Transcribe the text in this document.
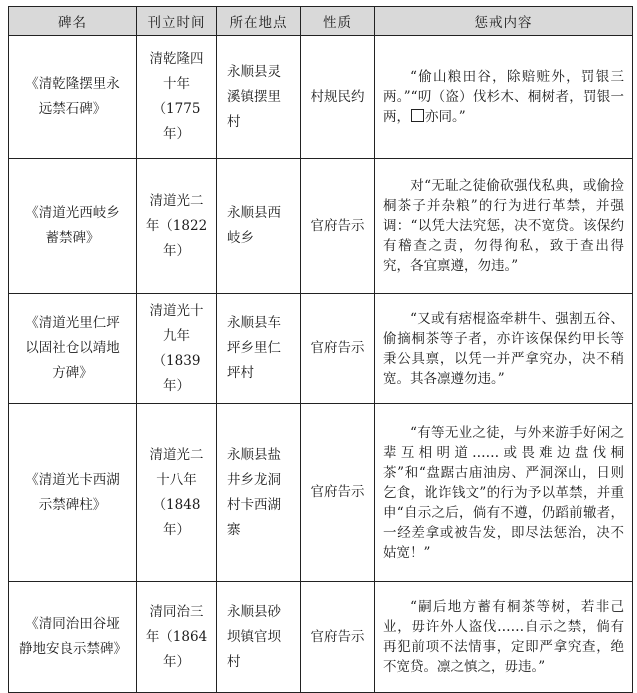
碑名	刊立时间	所在地点	性质	惩戒内容
《清乾隆摆里永远禁石碑》	清乾隆四十年（1775年）	永顺县灵溪镇摆里村	村规民约	“偷山粮田谷，除赔赃外，罚银三两。”“叨（盗）伐杉木、桐树者，罚银一两， 亦同。”
《清道光西岐乡蓄禁碑》	清道光二年（1822年）	永顺县西岐乡	官府告示	对“无耻之徒偷砍强伐私典，或偷捡桐茶子并杂粮”的行为进行革禁，并强调：“以凭大法究惩，决不宽贷。该保约有稽查之责，勿得徇私，致于查出得究，各宜禀遵，勿违。”
《清道光里仁坪以固社仓以靖地方碑》	清道光十九年（1839年）	永顺县车坪乡里仁坪村	官府告示	“又或有痞棍盗牵耕牛、强割五谷、偷摘桐茶等子者，亦许该保保约甲长等秉公具禀，以凭一并严拿究办，决不稍宽。其各凛遵勿违。”
《清道光卡西湖示禁碑柱》	清道光二十八年（1848年）	永顺县盐井乡龙洞村卡西湖寨	官府告示	“有等无业之徒，与外来游手好闲之辈互相明道……或畏难边盘伐桐茶”和“盘踞古庙油房、严洞深山，日则乞食，讹诈钱文”的行为予以革禁，并重申“自示之后，倘有不遵，仍蹈前辙者，一经差拿或被告发，即尽法惩治，决不姑宽！”
《清同治田谷垭静地安良示禁碑》	清同治三年（1864年）	永顺县砂坝镇官坝村	官府告示	“嗣后地方蓄有桐茶等树，若非己业，毋许外人盗伐……自示之禁，倘有再犯前项不法情事，定即严拿究查，绝不宽贷。凛之慎之，毋违。”
